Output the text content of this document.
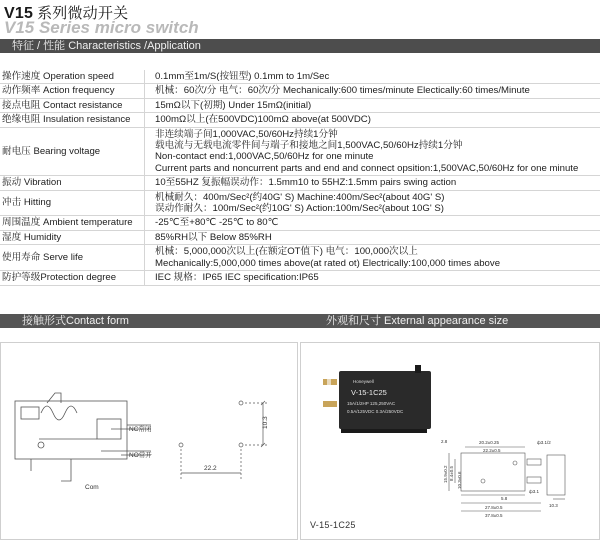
V15 系列微动开关
V15 Series micro switch
特征 / 性能 Characteristics /Application
操作速度 Operation speed	0.1mm至1m/S(按钮型) 0.1mm to 1m/Sec

动作频率 Action frequency	机械：60次/分 电气：60次/分 Mechanically:600 times/minute Electically:60 times/Minute

接点电阻 Contact resistance	15mΩ以下(初期) Under 15mΩ(initial)

绝缘电阻 Insulation resistance	100mΩ以上(在500VDC)100mΩ above(at 500VDC)

耐电压 Bearing voltage	非连续端子间1,000VAC,50/60Hz持续1分钟
载电流与无载电流零件间与端子和接地之间1,500VAC,50/60Hz持续1分钟
Non-contact end:1,000VAC,50/60Hz for one minute
Current parts and noncurrent parts and end and connect opsition:1,500VAC,50/60Hz for one minute

振动 Vibration	10至55HZ 复振幅误动作：1.5mm10 to 55HZ:1.5mm pairs swing action

冲击 Hitting	机械耐久：400m/Sec²(约40G' S) Machine:400m/Sec²(about 40G' S)
误动作耐久：100m/Sec²(约10G' S) Action:100m/Sec²(about 10G' S)

周围温度 Ambient temperature	-25℃至+80℃ -25℃ to 80℃

湿度 Humidity	85%RH以下 Below 85%RH

使用寿命 Serve life	机械：5,000,000次以上(在额定OT值下) 电气：100,000次以上
Mechanically:5,000,000 times above(at rated ot) Electrically:100,000 times above

防护等级Protection degree	IEC 规格：IP65 IEC specification:IP65
接触形式Contact form	外观和尺寸 External appearance size
NC常闭
NO常开
Com
10.3
22.2
Honeywell
V-15-1C25
15A/1/2HP 125,250VAC
0.5A/125VDC 0.3A/250VDC
2.8	20.2±0.25	ф3.1/2
22.2±0.5
15.9±0.2 8.4±0.5 10.3±0.6
5.8
27.8±0.5
37.8±0.5
ф3.1
10.3
V-15-1C25
